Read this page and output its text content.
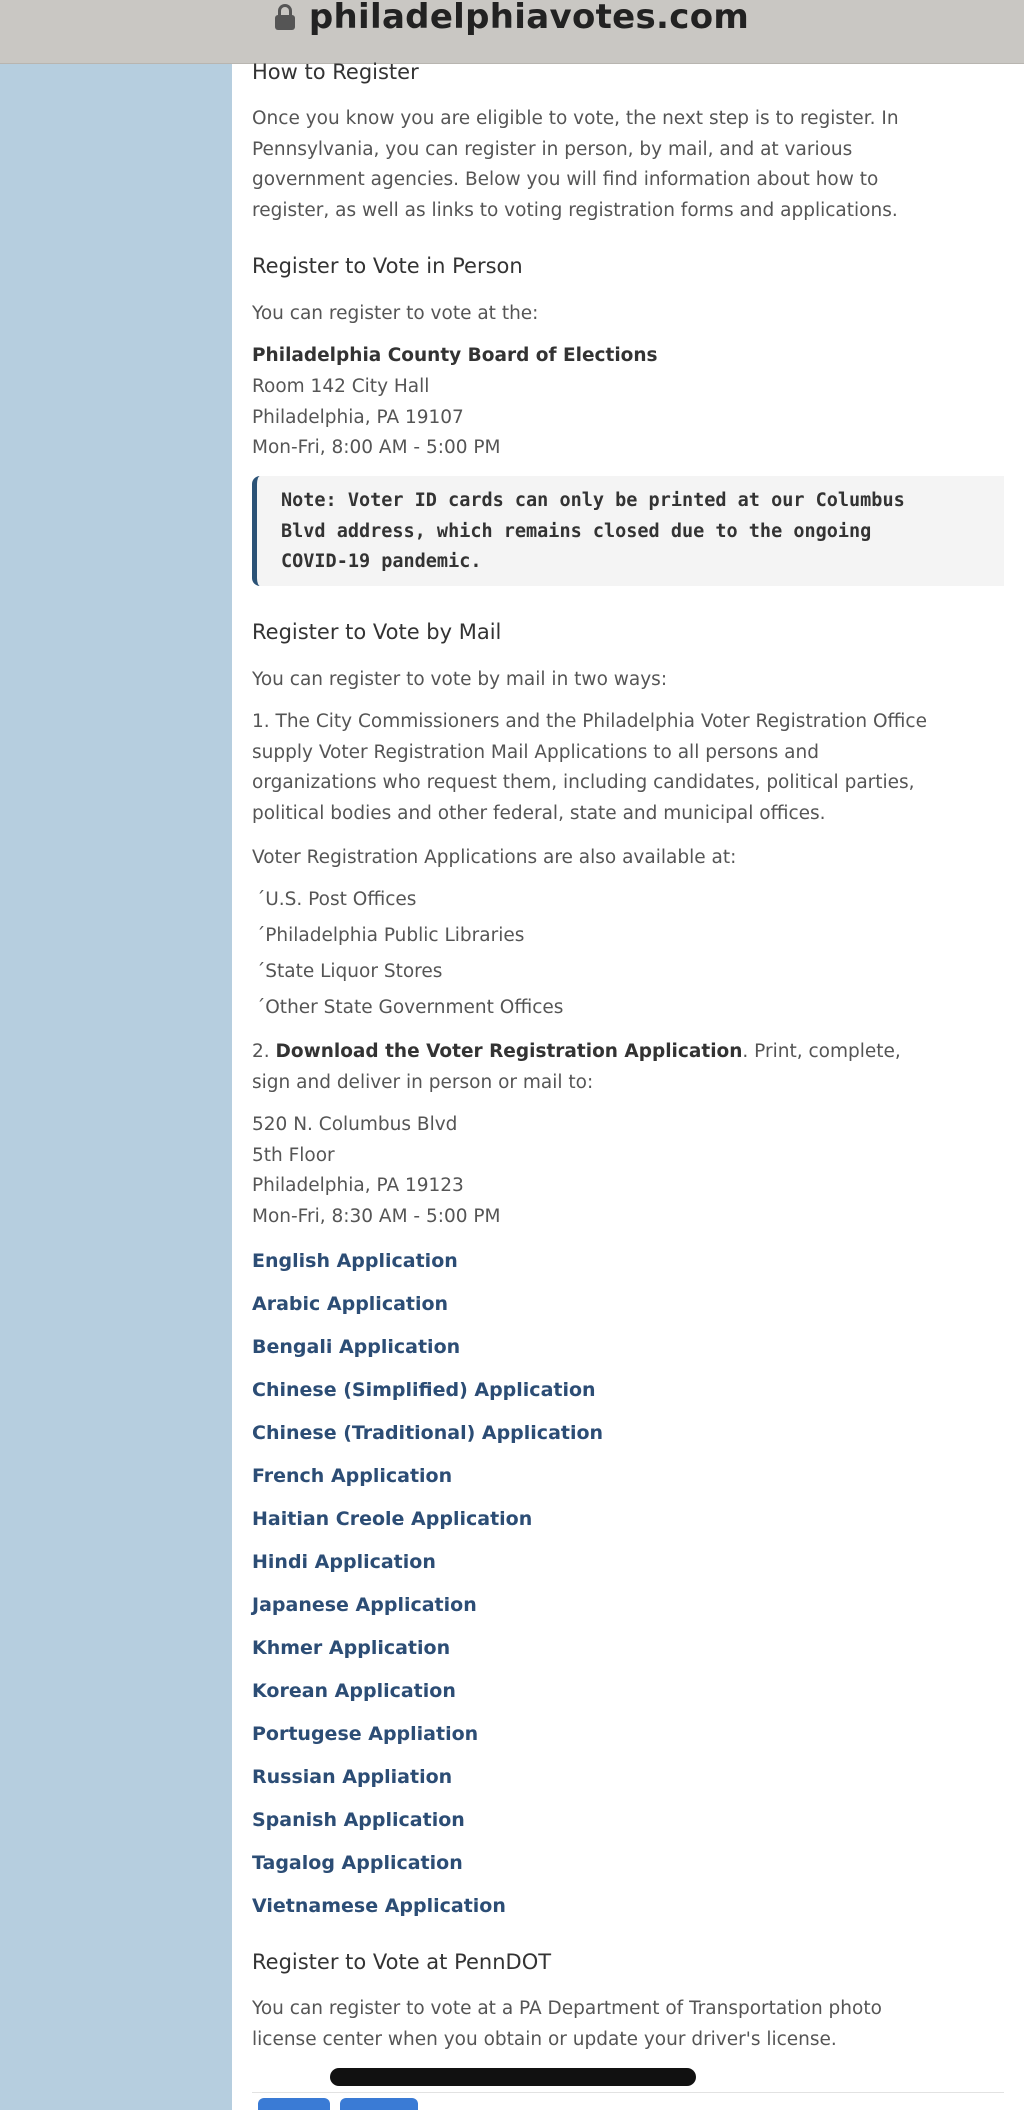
philadelphiavotes.com
How to Register
Once you know you are eligible to vote, the next step is to register. In
Pennsylvania, you can register in person, by mail, and at various
government agencies. Below you will find information about how to
register, as well as links to voting registration forms and applications.
Register to Vote in Person
You can register to vote at the:
Philadelphia County Board of Elections
Room 142 City Hall
Philadelphia, PA 19107
Mon-Fri, 8:00 AM - 5:00 PM
Note: Voter ID cards can only be printed at our Columbus
Blvd address, which remains closed due to the ongoing
COVID-19 pandemic.
Register to Vote by Mail
You can register to vote by mail in two ways:
1. The City Commissioners and the Philadelphia Voter Registration Office
supply Voter Registration Mail Applications to all persons and
organizations who request them, including candidates, political parties,
political bodies and other federal, state and municipal offices.
Voter Registration Applications are also available at:
ˊU.S. Post Offices
ˊPhiladelphia Public Libraries
ˊState Liquor Stores
ˊOther State Government Offices
2. Download the Voter Registration Application. Print, complete,
sign and deliver in person or mail to:
520 N. Columbus Blvd
5th Floor
Philadelphia, PA 19123
Mon-Fri, 8:30 AM - 5:00 PM
English Application
Arabic Application
Bengali Application
Chinese (Simplified) Application
Chinese (Traditional) Application
French Application
Haitian Creole Application
Hindi Application
Japanese Application
Khmer Application
Korean Application
Portugese Appliation
Russian Appliation
Spanish Application
Tagalog Application
Vietnamese Application
Register to Vote at PennDOT
You can register to vote at a PA Department of Transportation photo
license center when you obtain or update your driver's license.
